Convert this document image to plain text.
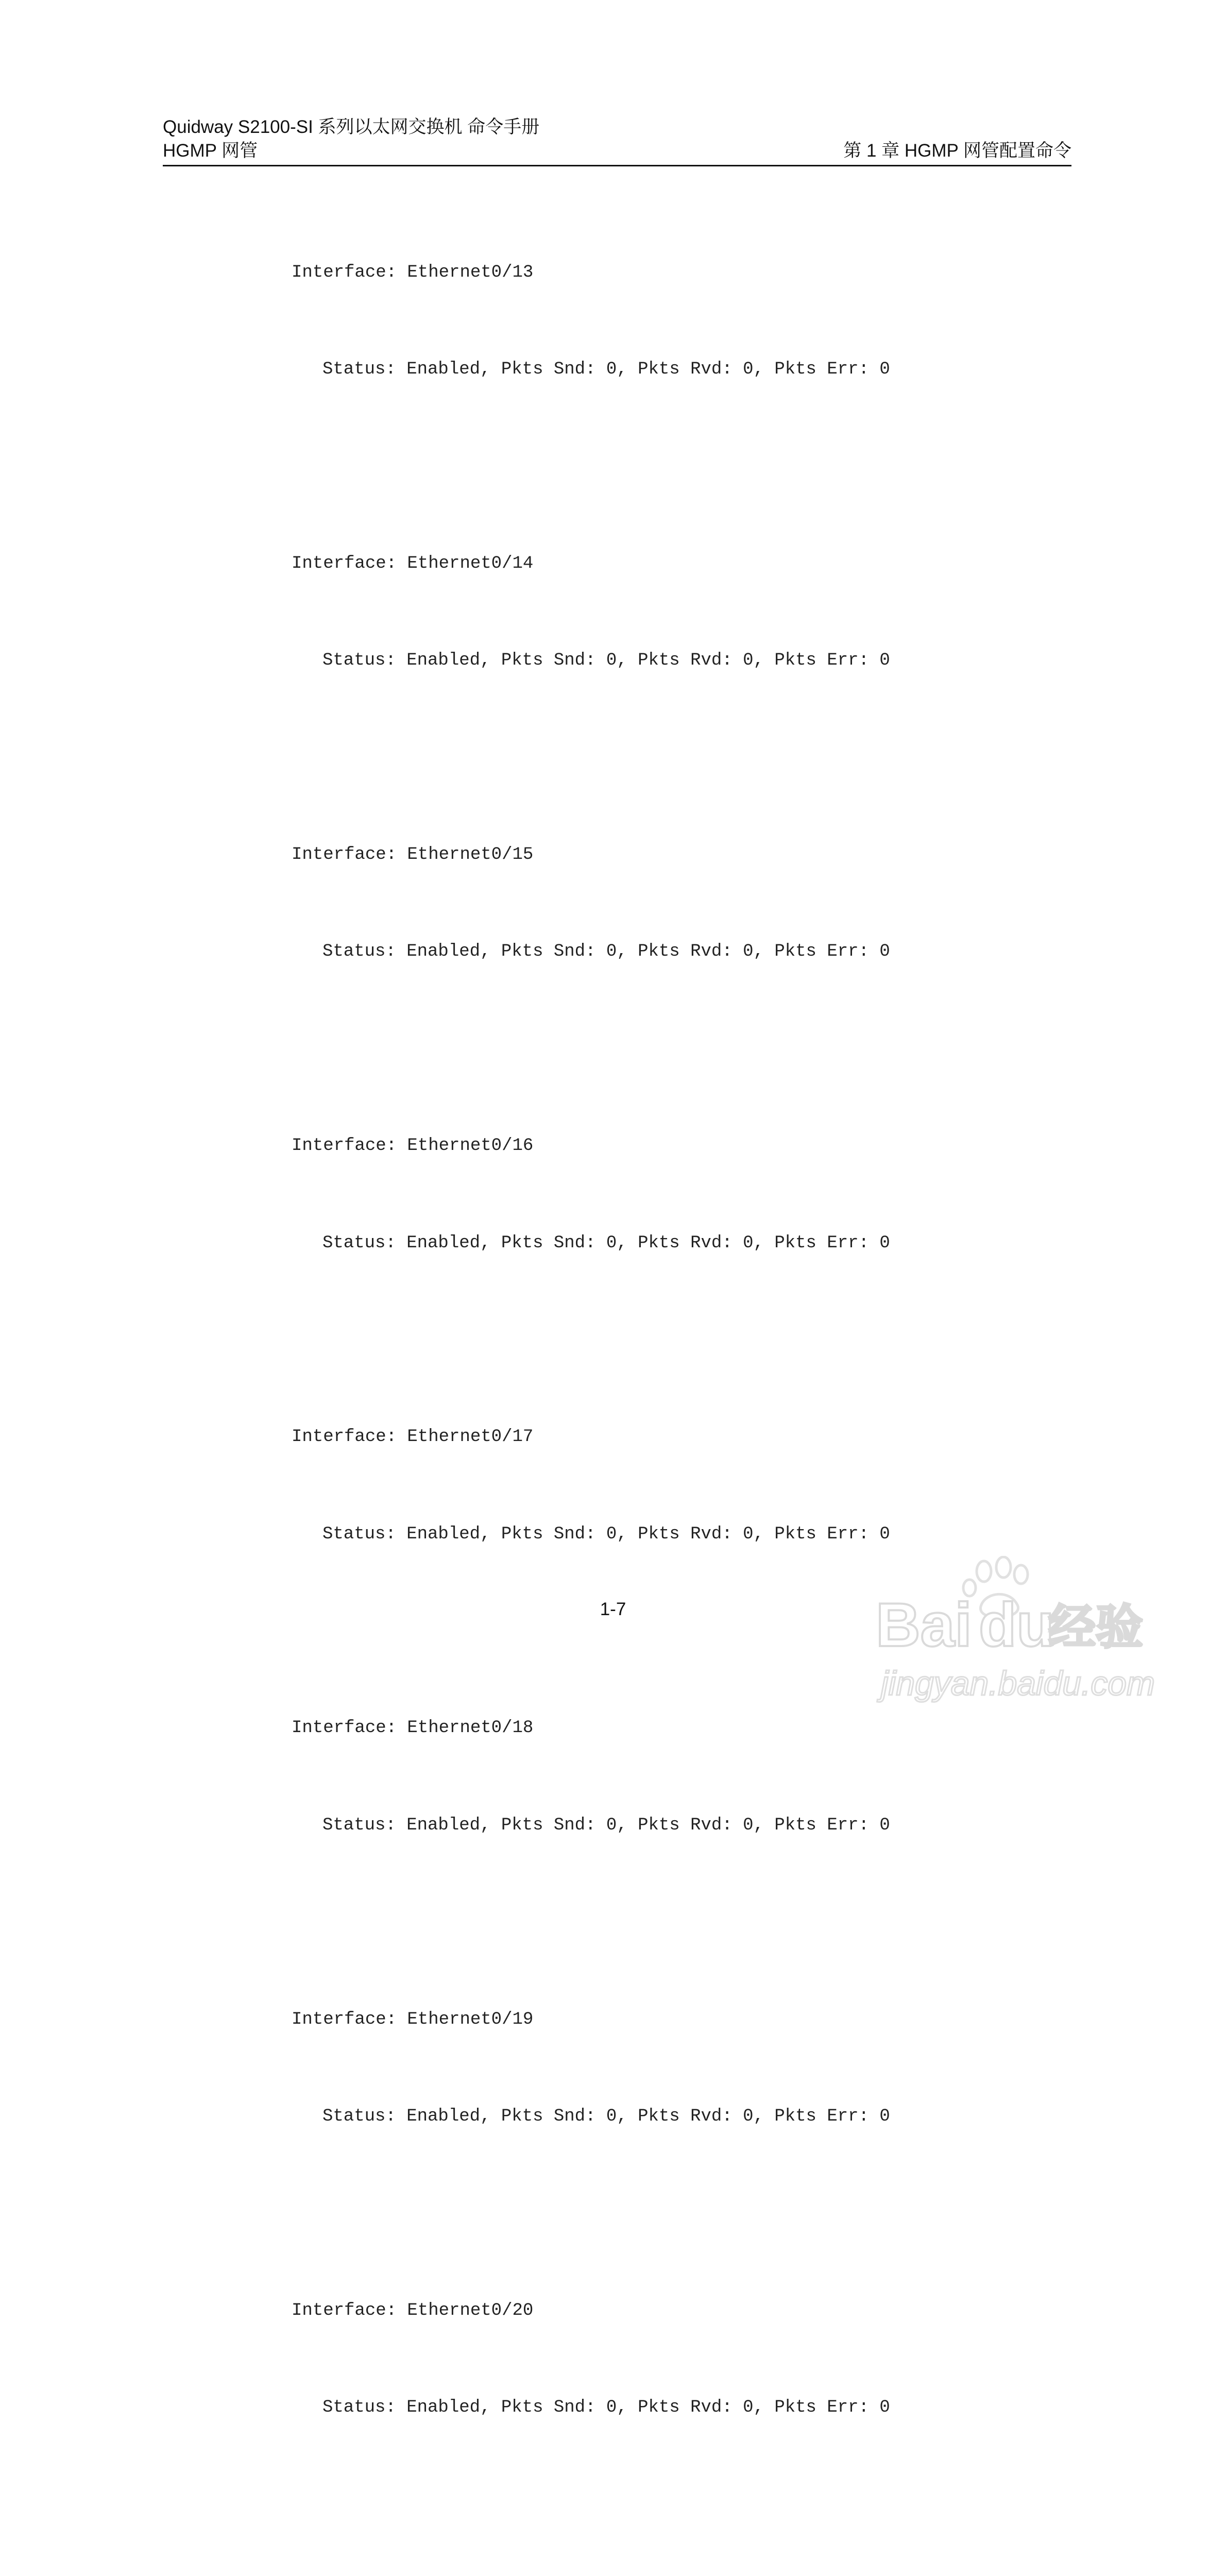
Quidway S2100-SI 系列以太网交换机 命令手册
HGMP 网管	第 1 章 HGMP 网管配置命令

Interface: Ethernet0/13

Status: Enabled, Pkts Snd: 0, Pkts Rvd: 0, Pkts Err: 0

Interface: Ethernet0/14

Status: Enabled, Pkts Snd: 0, Pkts Rvd: 0, Pkts Err: 0

Interface: Ethernet0/15

Status: Enabled, Pkts Snd: 0, Pkts Rvd: 0, Pkts Err: 0

Interface: Ethernet0/16

Status: Enabled, Pkts Snd: 0, Pkts Rvd: 0, Pkts Err: 0

Interface: Ethernet0/17

Status: Enabled, Pkts Snd: 0, Pkts Rvd: 0, Pkts Err: 0

Interface: Ethernet0/18

Status: Enabled, Pkts Snd: 0, Pkts Rvd: 0, Pkts Err: 0

Interface: Ethernet0/19

Status: Enabled, Pkts Snd: 0, Pkts Rvd: 0, Pkts Err: 0

Interface: Ethernet0/20

Status: Enabled, Pkts Snd: 0, Pkts Rvd: 0, Pkts Err: 0

1-7	Bai du
经验
jingyan.baidu.com
